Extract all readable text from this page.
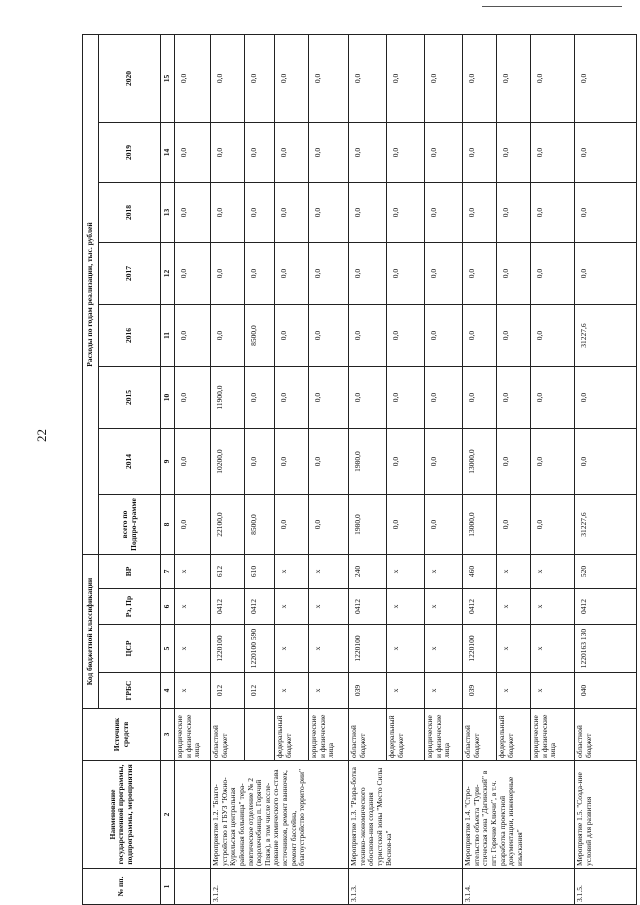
22
№ пп.	Наименование государственной программы, подпрограммы, мероприятия	Источник средств	Код бюджетной классификации				Расходы по годам реализации, тыс. рублей							
			ГРБС	ЦСР	Рз, Пр	ВР	всего по Подпро-грамме	2014	2015	2016	2017	2018	2019	2020
1	2	3	4	5	6	7	8	9	10	11	12	13	14	15
		юридические и физические лица	x	x	x	x	0,0	0,0	0,0	0,0	0,0	0,0	0,0	0,0
3.1.2.	Мероприятие 1.2. "Благо-устройство в ГБУЗ "Южно-Курильская центральная районная больница" тера-певтическое отделение № 2 (водолечебница п. Горячий Пляж), в том числе иссле-дование химического со-става источников, ремонт ванночек, ремонт бассейна, благоустройство террито-рии"	областной бюджет	012	1220100	0412	612	22100,0	10200,0	11900,0	0,0	0,0	0,0	0,0	0,0
			012	1220100 590	0412	610	8500,0	0,0	0,0	8500,0	0,0	0,0	0,0	0,0
		федеральный бюджет	x	x	x	x	0,0	0,0	0,0	0,0	0,0	0,0	0,0	0,0
		юридические и физические лица	x	x	x	x	0,0	0,0	0,0	0,0	0,0	0,0	0,0	0,0
3.1.3.	Мероприятие 1.3. "Разра-ботка технико-экономического обоснова-ния создания туристской зоны "Место Силы Веснов-ка"	областной бюджет	039	1220100	0412	240	1980,0	1980,0	0,0	0,0	0,0	0,0	0,0	0,0
		федеральный бюджет	x	x	x	x	0,0	0,0	0,0	0,0	0,0	0,0	0,0	0,0
		юридические и физические лица	x	x	x	x	0,0	0,0	0,0	0,0	0,0	0,0	0,0	0,0
3.1.4.	Мероприятие 1.4. "Стро-ительство объекта "Тури-стическая зона "Дагинский" в пгт. Горячие Ключи", в т.ч. разработка проектной документации, инженерные изыскания"	областной бюджет	039	1220100	0412	460	13000,0	13000,0	0,0	0,0	0,0	0,0	0,0	0,0
		федеральный бюджет	x	x	x	x	0,0	0,0	0,0	0,0	0,0	0,0	0,0	0,0
		юридические и физические лица	x	x	x	x	0,0	0,0	0,0	0,0	0,0	0,0	0,0	0,0
3.1.5.	Мероприятие 1.5. "Созда-ние условий для развития	областной бюджет	040	1220163 130	0412	520	31227,6	0,0	0,0	31227,6	0,0	0,0	0,0	0,0
